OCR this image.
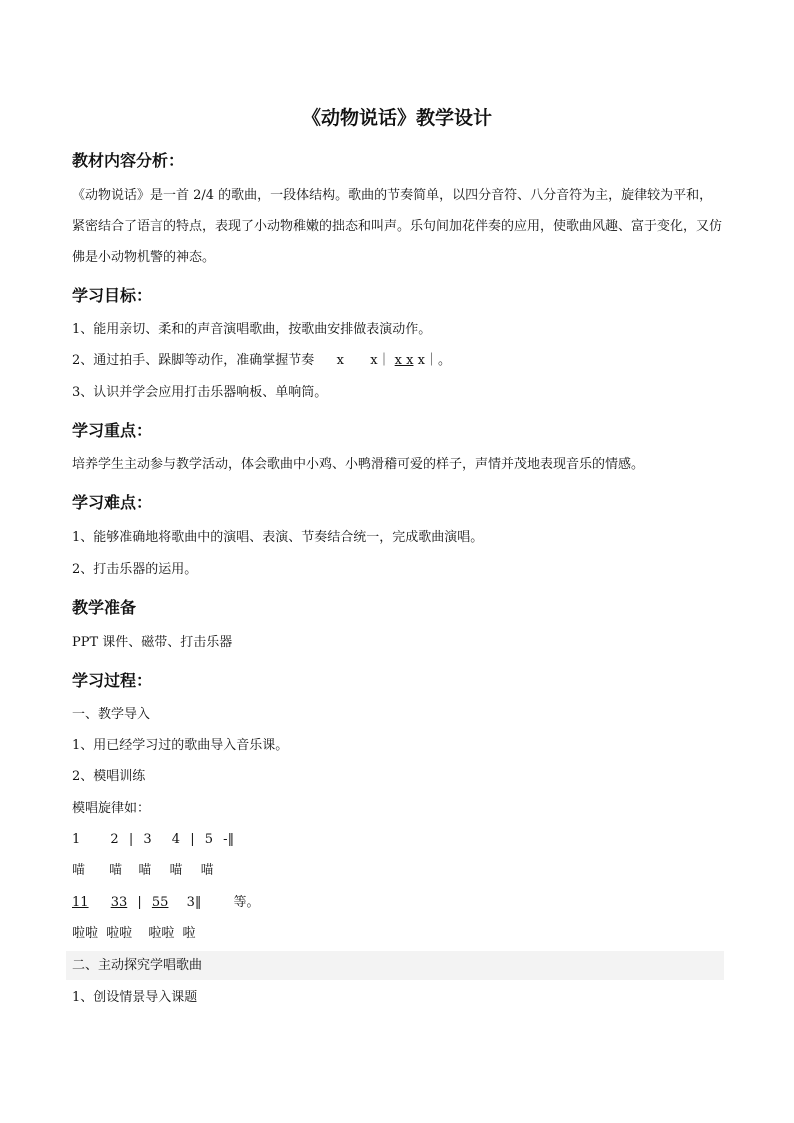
《动物说话》教学设计
教材内容分析：
《动物说话》是一首 2/4 的歌曲，一段体结构。歌曲的节奏简单，以四分音符、八分音符为主，旋律较为平和，紧密结合了语言的特点，表现了小动物稚嫩的拙态和叫声。乐句间加花伴奏的应用，使歌曲风趣、富于变化，又仿佛是小动物机警的神态。
学习目标：
1、能用亲切、柔和的声音演唱歌曲，按歌曲安排做表演动作。
2、通过拍手、跺脚等动作，准确掌握节奏 x x｜ x x x｜。
3、认识并学会应用打击乐器响板、单响筒。
学习重点：
培养学生主动参与教学活动，体会歌曲中小鸡、小鸭滑稽可爱的样子，声情并茂地表现音乐的情感。
学习难点：
1、能够准确地将歌曲中的演唱、表演、节奏结合统一，完成歌曲演唱。
2、打击乐器的运用。
教学准备
PPT 课件、磁带、打击乐器
学习过程：
一、教学导入
1、用已经学习过的歌曲导入音乐课。
2、模唱训练
模唱旋律如：
1 2 | 3 4 | 5 -‖
喵 喵 喵 喵 喵
11 33 | 55 3‖ 等。
啦啦 啦啦 啦啦 啦
二、主动探究学唱歌曲
1、创设情景导入课题
